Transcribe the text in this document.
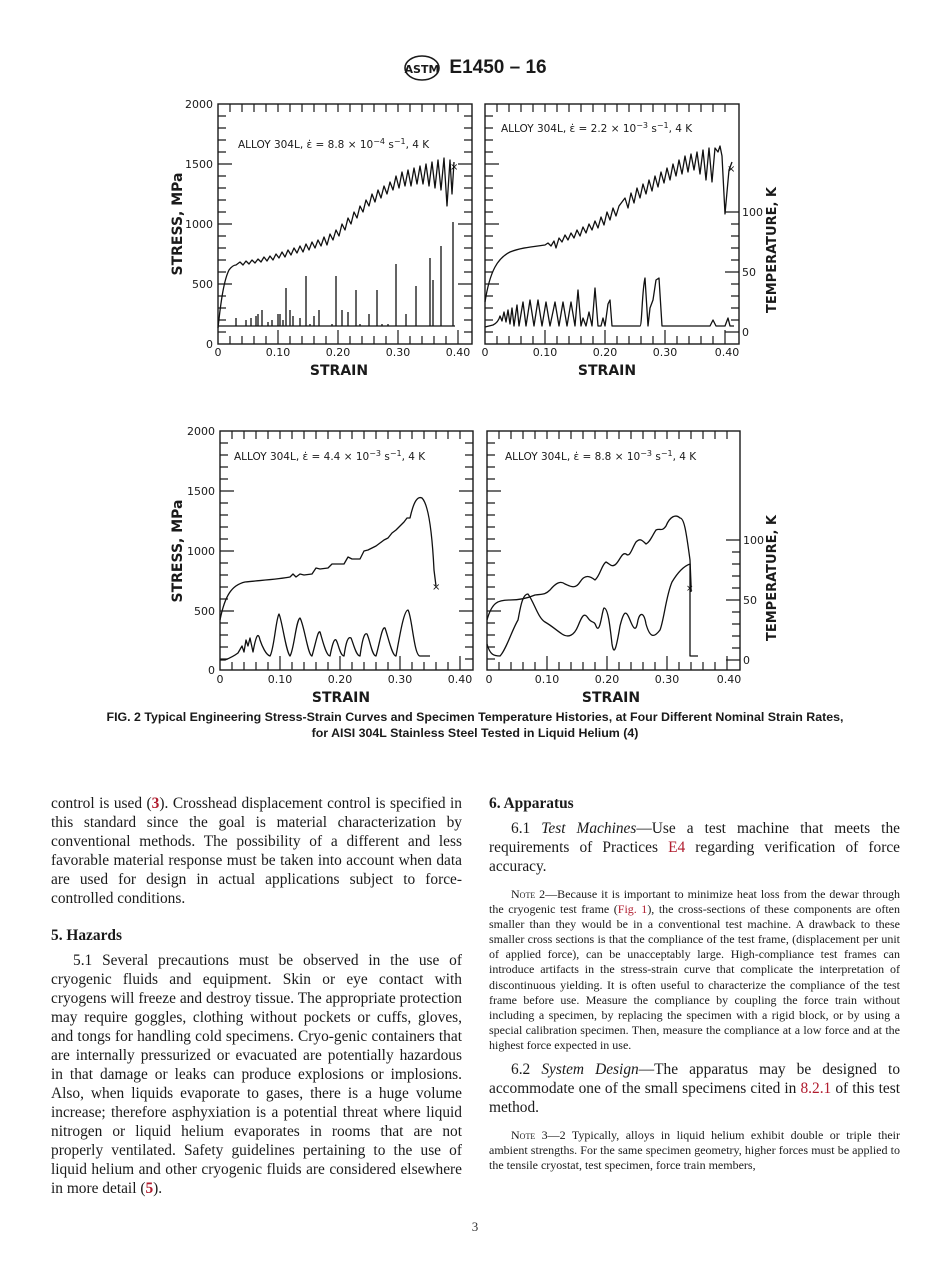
ASTM E1450 – 16
2000
1500
1000
500
0
0	0.10	0.20	0.30	0.40 0	0.10	0.20	0.30	0.40
100
50
0
2000
1500
1000
500
0
0	0.10	0.20	0.30	0.40 0	0.10	0.20	0.30	0.40
100
50
0
STRAIN	STRAIN
STRAIN	STRAIN
STRESS, MPa
STRESS, MPa
TEMPERATURE, K
TEMPERATURE, K
ALLOY 304L, ε̇ = $8.8 \times 10^{-4}$ $s^{-1}$, 4 K
ALLOY 304L, ε̇ = $2.2 \times 10^{-3}$ $s^{-1}$, 4 K
ALLOY 304L, ε̇ = $4.4 \times 10^{-3}$ $s^{-1}$, 4 K	ALLOY 304L, ε̇ = $8.8 \times 10^{-3}$ $s^{-1}$, 4 K
×	×
×	×
FIG. 2 Typical Engineering Stress-Strain Curves and Specimen Temperature Histories, at Four Different Nominal Strain Rates,
for AISI 304L Stainless Steel Tested in Liquid Helium (4)

control is used (3). Crosshead displacement control is specified in this standard since the goal is material characterization by conventional methods. The possibility of a different and less favorable material response must be taken into account when data are used for design in actual applications subject to force-controlled conditions.

5. Hazards

5.1 Several precautions must be observed in the use of cryogenic fluids and equipment. Skin or eye contact with cryogens will freeze and destroy tissue. The appropriate protection may require goggles, clothing without pockets or cuffs, gloves, and tongs for handling cold specimens. Cryo-genic containers that are internally pressurized or evacuated are potentially hazardous in that damage or leaks can produce explosions or implosions. Also, when liquids evaporate to gases, there is a huge volume increase; therefore asphyxiation is a potential threat where liquid nitrogen or liquid helium evaporates in rooms that are not properly ventilated. Safety guidelines pertaining to the use of liquid helium and other cryogenic fluids are considered elsewhere in more detail (5).

6. Apparatus

6.1 Test Machines—Use a test machine that meets the requirements of Practices E4 regarding verification of force accuracy.

Note 2—Because it is important to minimize heat loss from the dewar through the cryogenic test frame (Fig. 1), the cross-sections of these components are often smaller than they would be in a conventional test machine. A drawback to these smaller cross sections is that the compliance of the test frame, (displacement per unit of applied force), can be unacceptably large. High-compliance test frames can introduce artifacts in the stress-strain curve that complicate the interpretation of discontinuous yielding. It is often useful to characterize the compliance of the test frame before use. Measure the compliance by coupling the force train without including a specimen, by replacing the specimen with a rigid block, or by using a special calibration specimen. Then, measure the compliance at a low force and at the highest force expected in use.

6.2 System Design—The apparatus may be designed to accommodate one of the small specimens cited in 8.2.1 of this test method.

Note 3—2 Typically, alloys in liquid helium exhibit double or triple their ambient strengths. For the same specimen geometry, higher forces must be applied to the tensile cryostat, test specimen, force train members,

3
